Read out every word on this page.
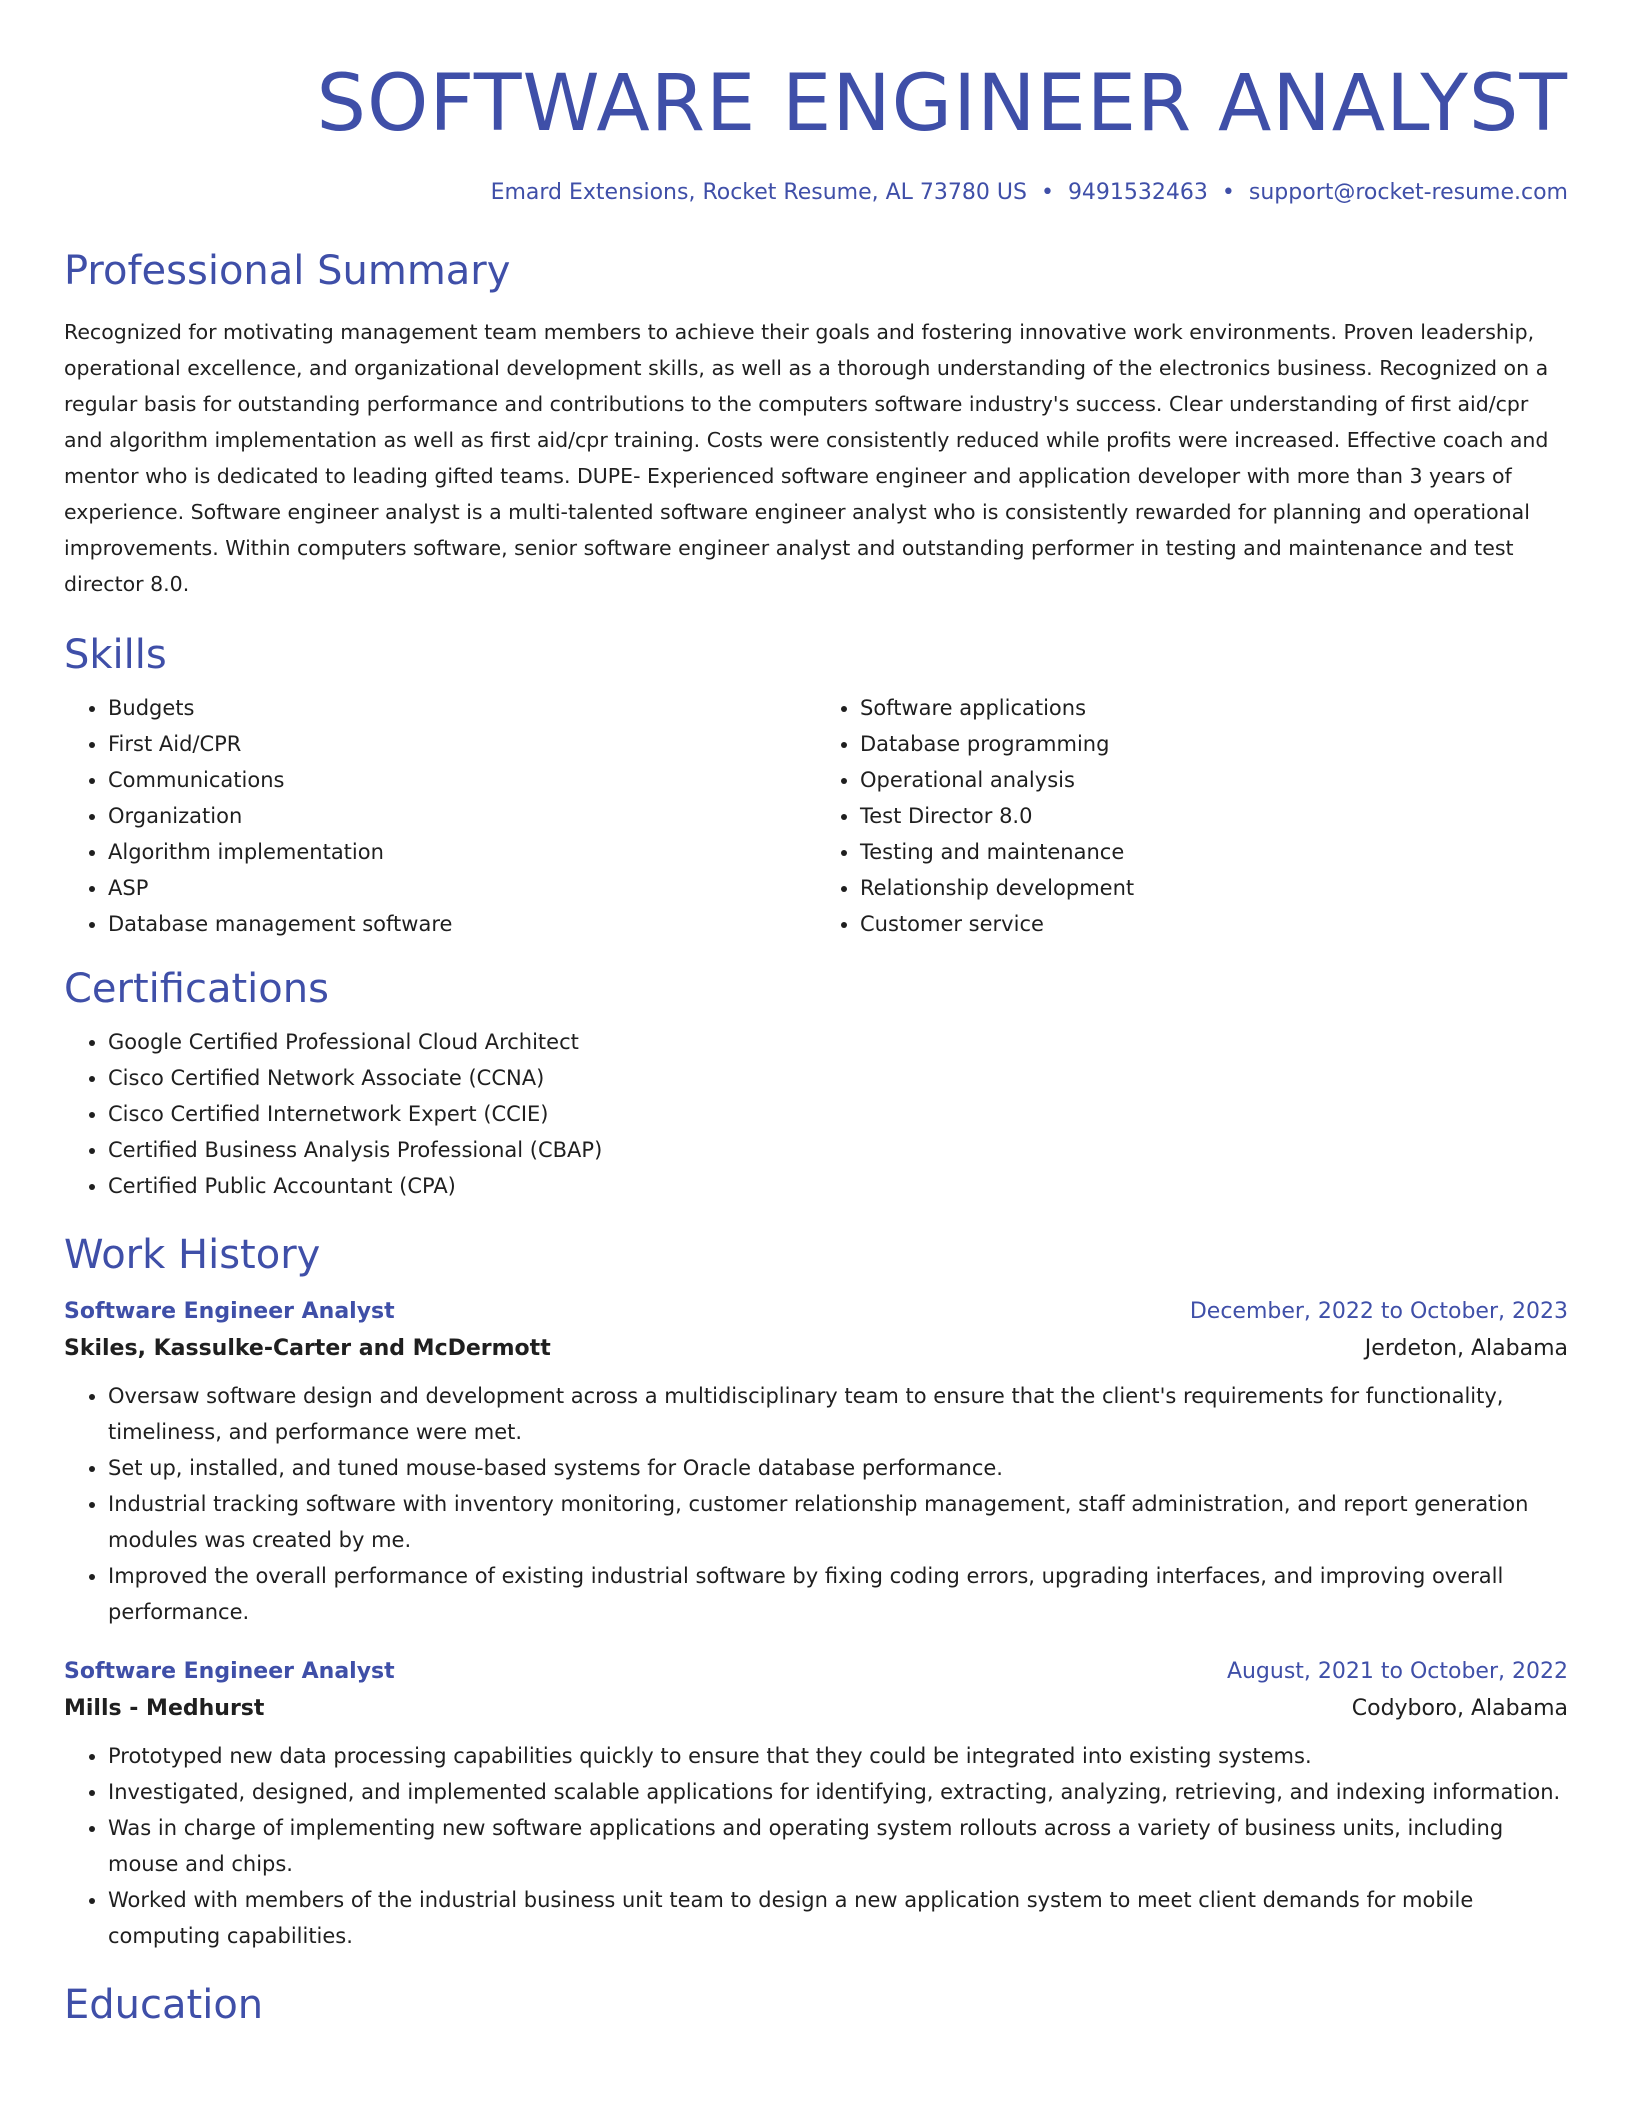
SOFTWARE ENGINEER ANALYST
Emard Extensions, Rocket Resume, AL 73780 US • 9491532463 • support@rocket-resume.com
Professional Summary
Recognized for motivating management team members to achieve their goals and fostering innovative work environments. Proven leadership, operational excellence, and organizational development skills, as well as a thorough understanding of the electronics business. Recognized on a regular basis for outstanding performance and contributions to the computers software industry's success. Clear understanding of first aid/cpr and algorithm implementation as well as first aid/cpr training. Costs were consistently reduced while profits were increased. Effective coach and mentor who is dedicated to leading gifted teams. DUPE- Experienced software engineer and application developer with more than 3 years of experience. Software engineer analyst is a multi-talented software engineer analyst who is consistently rewarded for planning and operational improvements. Within computers software, senior software engineer analyst and outstanding performer in testing and maintenance and test director 8.0.
Skills
• Budgets
• First Aid/CPR
• Communications
• Organization
• Algorithm implementation
• ASP
• Database management software
• Software applications
• Database programming
• Operational analysis
• Test Director 8.0
• Testing and maintenance
• Relationship development
• Customer service
Certifications
• Google Certified Professional Cloud Architect
• Cisco Certified Network Associate (CCNA)
• Cisco Certified Internetwork Expert (CCIE)
• Certified Business Analysis Professional (CBAP)
• Certified Public Accountant (CPA)
Work History
Software Engineer Analyst	December, 2022 to October, 2023
Skiles, Kassulke-Carter and McDermott	Jerdeton, Alabama
• Oversaw software design and development across a multidisciplinary team to ensure that the client's requirements for functionality, timeliness, and performance were met.
• Set up, installed, and tuned mouse-based systems for Oracle database performance.
• Industrial tracking software with inventory monitoring, customer relationship management, staff administration, and report generation modules was created by me.
• Improved the overall performance of existing industrial software by fixing coding errors, upgrading interfaces, and improving overall performance.
Software Engineer Analyst	August, 2021 to October, 2022
Mills - Medhurst	Codyboro, Alabama
• Prototyped new data processing capabilities quickly to ensure that they could be integrated into existing systems.
• Investigated, designed, and implemented scalable applications for identifying, extracting, analyzing, retrieving, and indexing information.
• Was in charge of implementing new software applications and operating system rollouts across a variety of business units, including mouse and chips.
• Worked with members of the industrial business unit team to design a new application system to meet client demands for mobile computing capabilities.
Education
